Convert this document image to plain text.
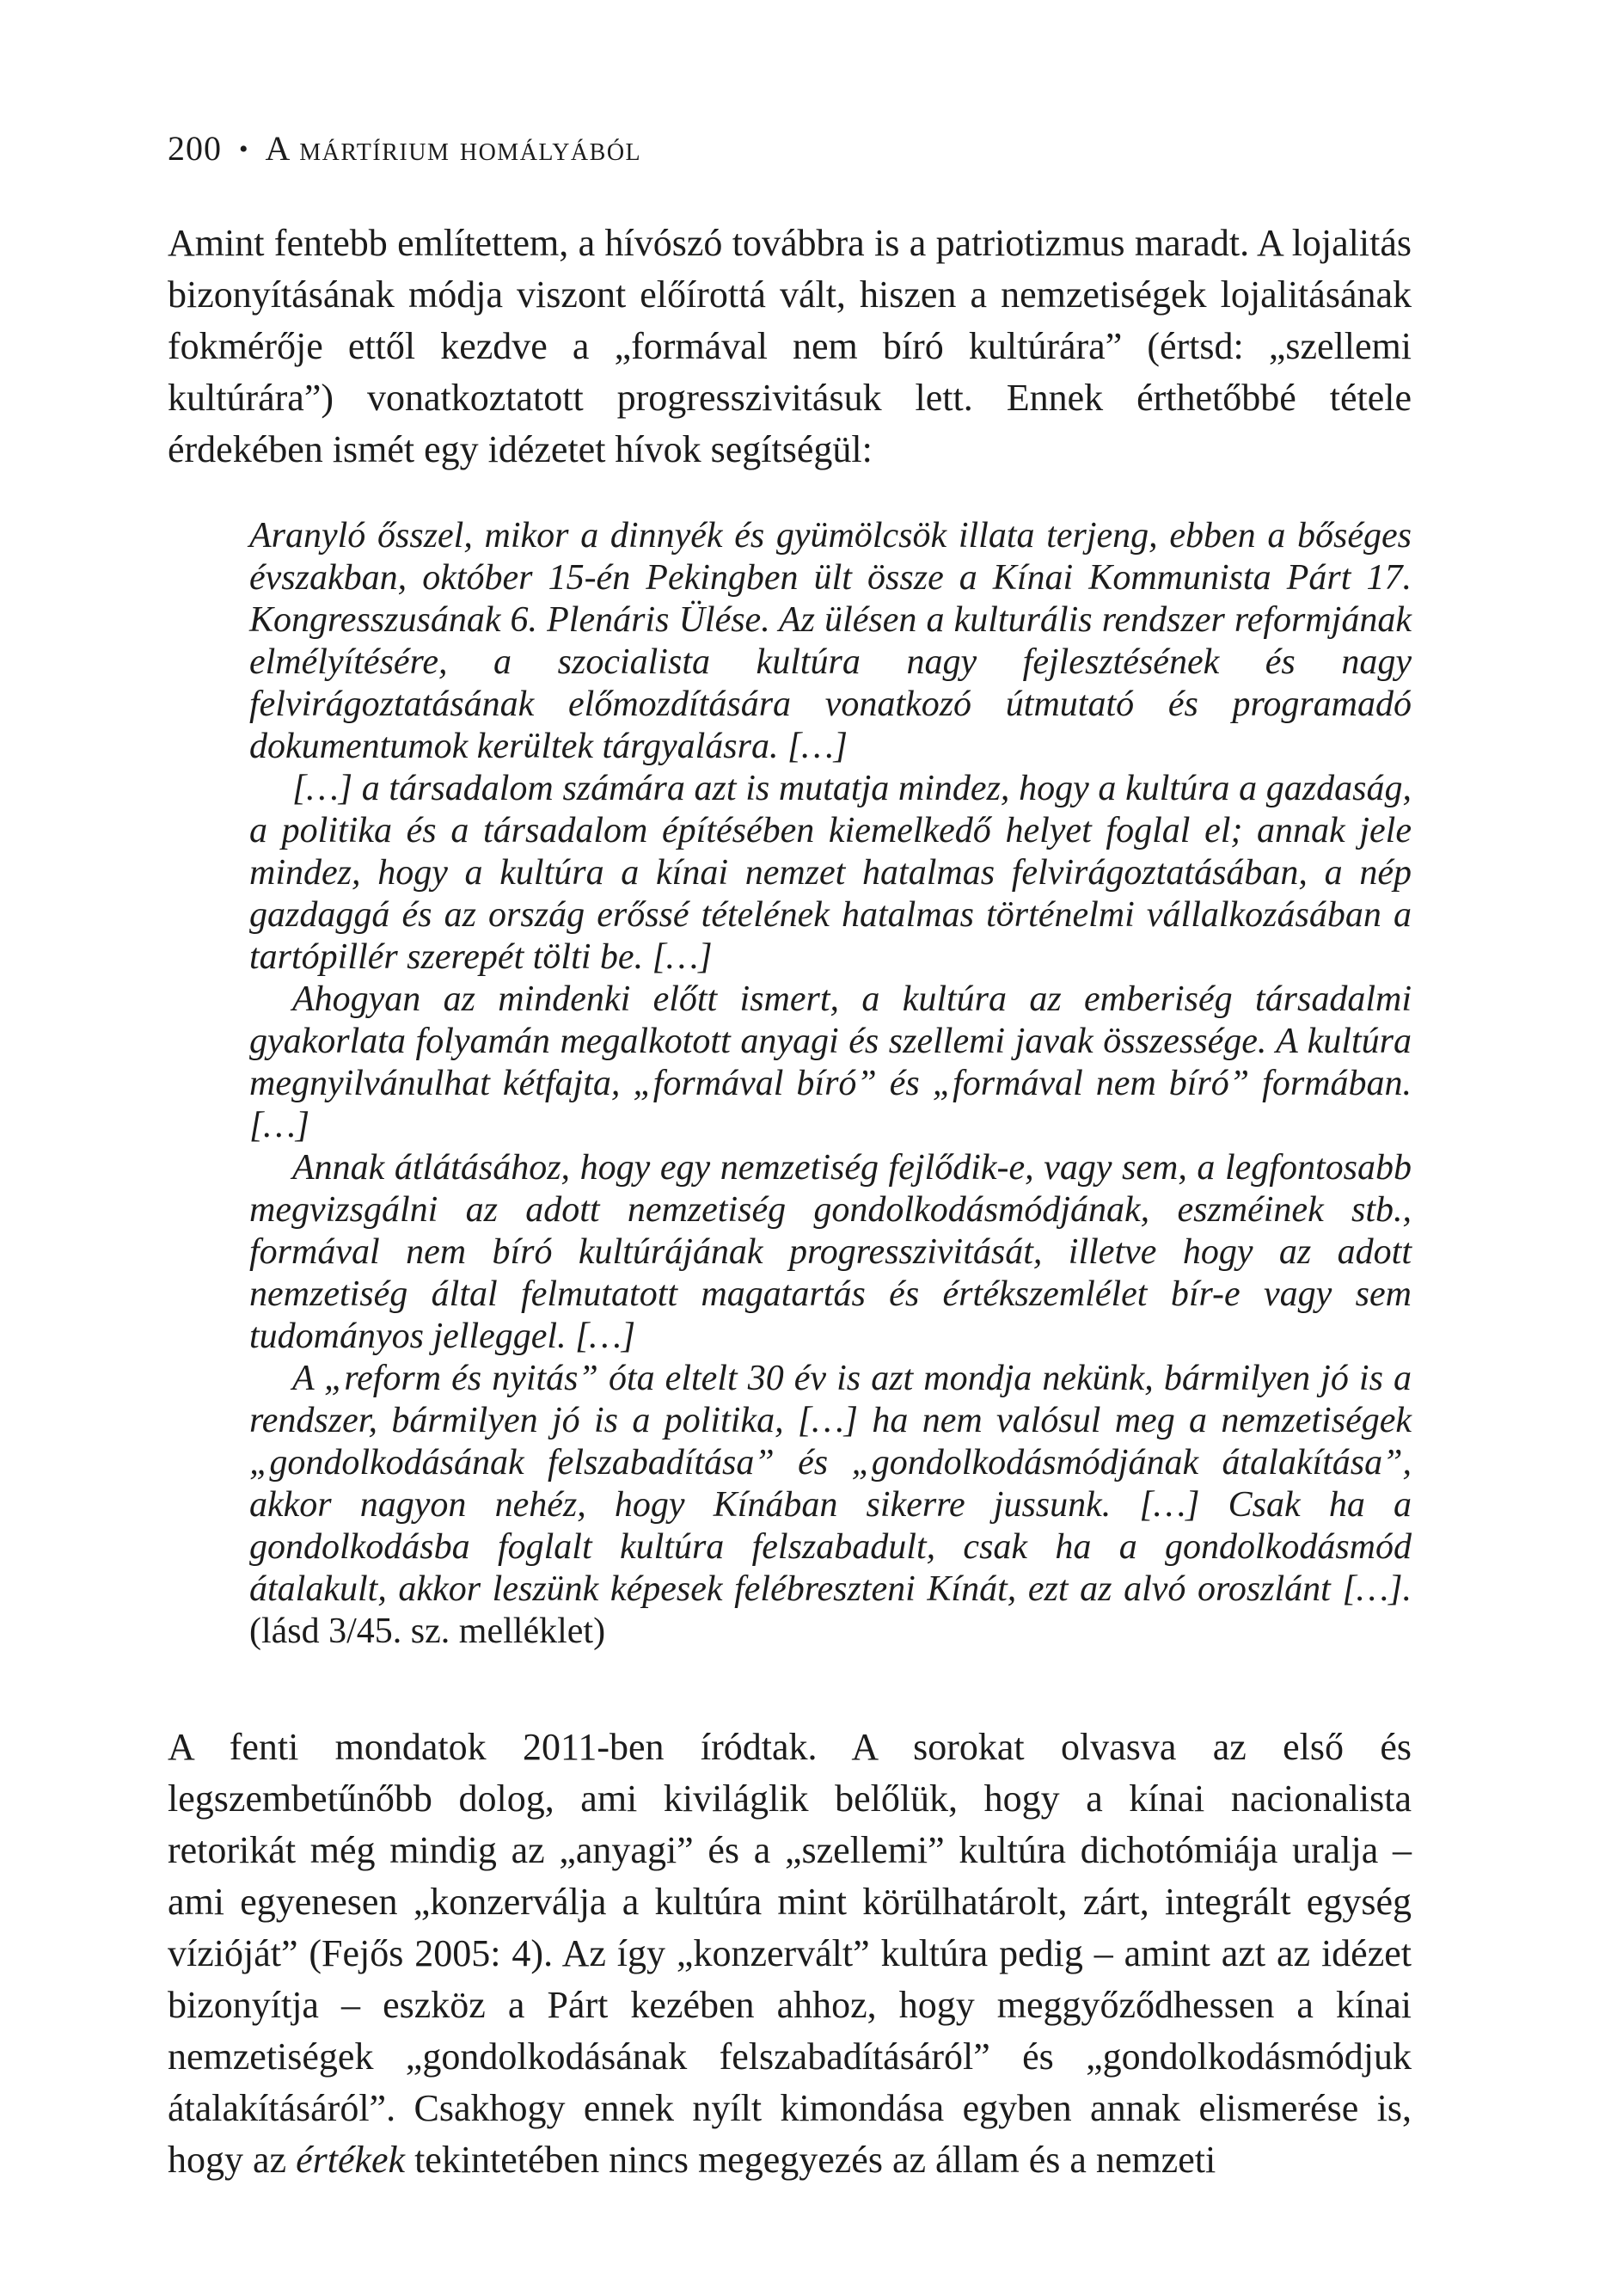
200 • A mártírium homályából

Amint fentebb említettem, a hívószó továbbra is a patriotizmus maradt. A lojalitás bizonyításának módja viszont előírottá vált, hiszen a nemzetiségek lojalitásának fokmérője ettől kezdve a „formával nem bíró kultúrára” (értsd: „szellemi kultúrára”) vonatkoztatott progresszivitásuk lett. Ennek érthetőbbé tétele érdekében ismét egy idézetet hívok segítségül:

Aranyló ősszel, mikor a dinnyék és gyümölcsök illata terjeng, ebben a bőséges évszakban, október 15-én Pekingben ült össze a Kínai Kommunista Párt 17. Kongresszusának 6. Plenáris Ülése. Az ülésen a kulturális rendszer reformjának elmélyítésére, a szocialista kultúra nagy fejlesztésének és nagy felvirágoztatásának előmozdítására vonatkozó útmutató és programadó dokumentumok kerültek tárgyalásra. […]

[…] a társadalom számára azt is mutatja mindez, hogy a kultúra a gazdaság, a politika és a társadalom építésében kiemelkedő helyet foglal el; annak jele mindez, hogy a kultúra a kínai nemzet hatalmas felvirágoztatásában, a nép gazdaggá és az ország erőssé tételének hatalmas történelmi vállalkozásában a tartópillér szerepét tölti be. […]

Ahogyan az mindenki előtt ismert, a kultúra az emberiség társadalmi gyakorlata folyamán megalkotott anyagi és szellemi javak összessége. A kultúra megnyilvánulhat kétfajta, „formával bíró” és „formával nem bíró” formában. […]

Annak átlátásához, hogy egy nemzetiség fejlődik-e, vagy sem, a legfontosabb megvizsgálni az adott nemzetiség gondolkodásmódjának, eszméinek stb., formával nem bíró kultúrájának progresszivitását, illetve hogy az adott nemzetiség által felmutatott magatartás és értékszemlélet bír-e vagy sem tudományos jelleggel. […]

A „reform és nyitás” óta eltelt 30 év is azt mondja nekünk, bármilyen jó is a rendszer, bármilyen jó is a politika, […] ha nem valósul meg a nemzetiségek „gondolkodásának felszabadítása” és „gondolkodásmódjának átalakítása”, akkor nagyon nehéz, hogy Kínában sikerre jussunk. […] Csak ha a gondolkodásba foglalt kultúra felszabadult, csak ha a gondolkodásmód átalakult, akkor leszünk képesek felébreszteni Kínát, ezt az alvó oroszlánt […]. (lásd 3/45. sz. melléklet)

A fenti mondatok 2011-ben íródtak. A sorokat olvasva az első és legszembetűnőbb dolog, ami kiviláglik belőlük, hogy a kínai nacionalista retorikát még mindig az „anyagi” és a „szellemi” kultúra dichotómiája uralja – ami egyenesen „konzerválja a kultúra mint körülhatárolt, zárt, integrált egység vízióját” (Fejős 2005: 4). Az így „konzervált” kultúra pedig – amint azt az idézet bizonyítja – eszköz a Párt kezében ahhoz, hogy meggyőződhessen a kínai nemzetiségek „gondolkodásának felszabadításáról” és „gondolkodásmódjuk átalakításáról”. Csakhogy ennek nyílt kimondása egyben annak elismerése is, hogy az értékek tekintetében nincs megegyezés az állam és a nemzeti
